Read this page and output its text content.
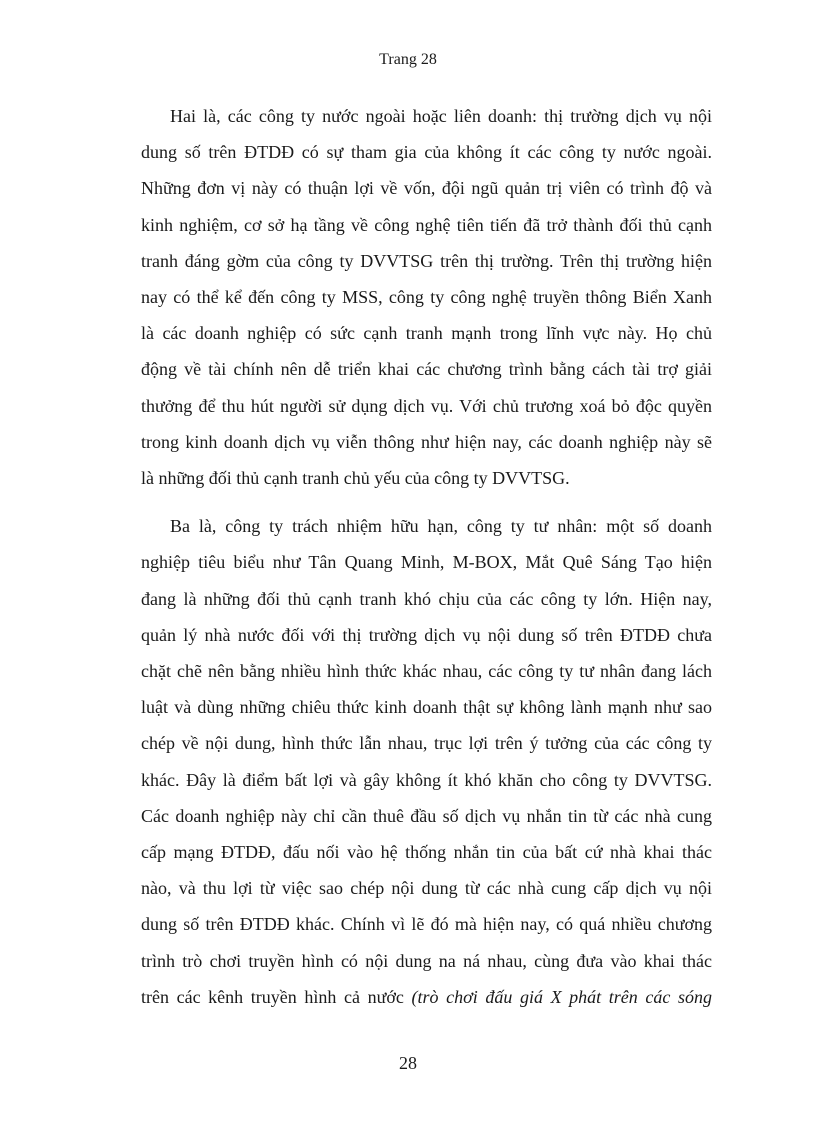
Trang 28

Hai là, các công ty nước ngoài hoặc liên doanh: thị trường dịch vụ nội
dung số trên ĐTDĐ có sự tham gia của không ít các công ty nước ngoài.
Những đơn vị này có thuận lợi về vốn, đội ngũ quản trị viên có trình độ và
kinh nghiệm, cơ sở hạ tầng về công nghệ tiên tiến đã trở thành đối thủ cạnh
tranh đáng gờm của công ty DVVTSG trên thị trường. Trên thị trường hiện
nay có thể kể đến công ty MSS, công ty công nghệ truyền thông Biển Xanh
là các doanh nghiệp có sức cạnh tranh mạnh trong lĩnh vực này. Họ chủ
động về tài chính nên dễ triển khai các chương trình bằng cách tài trợ giải
thưởng để thu hút người sử dụng dịch vụ. Với chủ trương xoá bỏ độc quyền
trong kinh doanh dịch vụ viễn thông như hiện nay, các doanh nghiệp này sẽ
là những đối thủ cạnh tranh chủ yếu của công ty DVVTSG.

Ba là, công ty trách nhiệm hữu hạn, công ty tư nhân: một số doanh
nghiệp tiêu biểu như Tân Quang Minh, M-BOX, Mắt Quê Sáng Tạo hiện
đang là những đối thủ cạnh tranh khó chịu của các công ty lớn. Hiện nay,
quản lý nhà nước đối với thị trường dịch vụ nội dung số trên ĐTDĐ chưa
chặt chẽ nên bằng nhiều hình thức khác nhau, các công ty tư nhân đang lách
luật và dùng những chiêu thức kinh doanh thật sự không lành mạnh như sao
chép về nội dung, hình thức lẫn nhau, trục lợi trên ý tưởng của các công ty
khác. Đây là điểm bất lợi và gây không ít khó khăn cho công ty DVVTSG.
Các doanh nghiệp này chỉ cần thuê đầu số dịch vụ nhắn tin từ các nhà cung
cấp mạng ĐTDĐ, đấu nối vào hệ thống nhắn tin của bất cứ nhà khai thác
nào, và thu lợi từ việc sao chép nội dung từ các nhà cung cấp dịch vụ nội
dung số trên ĐTDĐ khác. Chính vì lẽ đó mà hiện nay, có quá nhiều chương
trình trò chơi truyền hình có nội dung na ná nhau, cùng đưa vào khai thác
trên các kênh truyền hình cả nước (trò chơi đấu giá X phát trên các sóng

28
